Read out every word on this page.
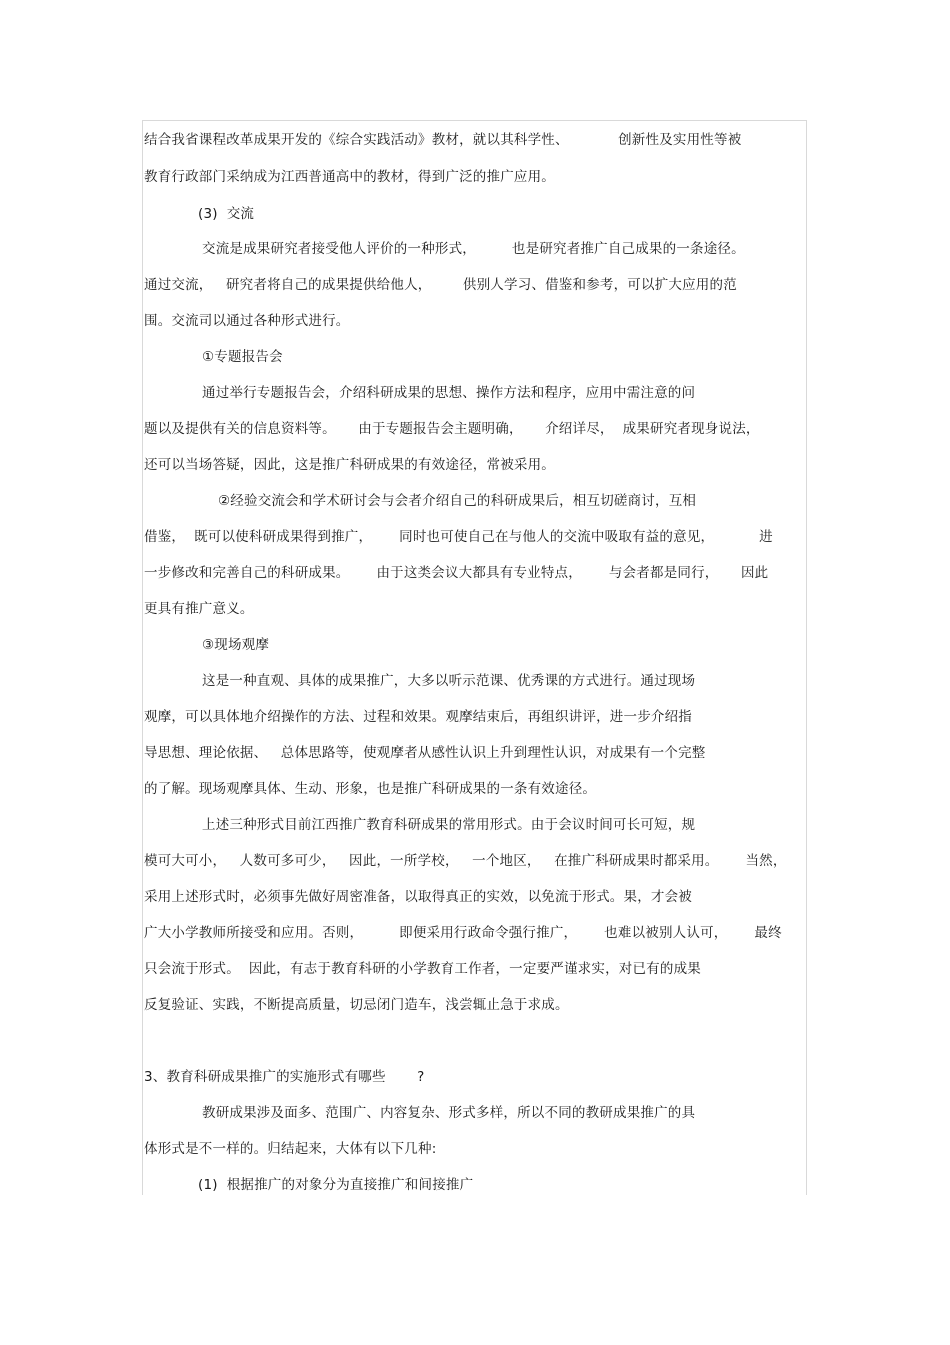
结合我省课程改革成果开发的《综合实践活动》教材，就以其科学性、           创新性及实用性等被
教育行政部门采纳成为江西普通高中的教材，得到广泛的推广应用。
(3)  交流
交流是成果研究者接受他人评价的一种形式，        也是研究者推广自己成果的一条途径。
通过交流，   研究者将自己的成果提供给他人，       供别人学习、借鉴和参考，可以扩大应用的范
围。交流司以通过各种形式进行。
①专题报告会
通过举行专题报告会，介绍科研成果的思想、操作方法和程序，应用中需注意的问
题以及提供有关的信息资料等。     由于专题报告会主题明确，     介绍详尽，  成果研究者现身说法，
还可以当场答疑，因此，这是推广科研成果的有效途径，常被采用。
②经验交流会和学术研讨会与会者介绍自己的科研成果后，相互切磋商讨，互相
借鉴，  既可以使科研成果得到推广，      同时也可使自己在与他人的交流中吸取有益的意见，          进
一步修改和完善自己的科研成果。      由于这类会议大都具有专业特点，      与会者都是同行，     因此
更具有推广意义。
③现场观摩
这是一种直观、具体的成果推广，大多以听示范课、优秀课的方式进行。通过现场
观摩，可以具体地介绍操作的方法、过程和效果。观摩结束后，再组织讲评，进一步介绍指
导思想、理论依据、   总体思路等，使观摩者从感性认识上升到理性认识，对成果有一个完整
的了解。现场观摩具体、生动、形象，也是推广科研成果的一条有效途径。
上述三种形式目前江西推广教育科研成果的常用形式。由于会议时间可长可短，规
模可大可小，   人数可多可少，   因此，一所学校，   一个地区，   在推广科研成果时都采用。      当然，
采用上述形式时，必须事先做好周密准备，以取得真正的实效，以免流于形式。果，才会被
广大小学教师所接受和应用。否则，        即便采用行政命令强行推广，      也难以被别人认可，      最终
只会流于形式。  因此，有志于教育科研的小学教育工作者，一定要严谨求实，对已有的成果
反复验证、实践，不断提高质量，切忌闭门造车，浅尝辄止急于求成。
3、教育科研成果推广的实施形式有哪些       ?
教研成果涉及面多、范围广、内容复杂、形式多样，所以不同的教研成果推广的具
体形式是不一样的。归结起来，大体有以下几种:
(1)  根据推广的对象分为直接推广和间接推广
